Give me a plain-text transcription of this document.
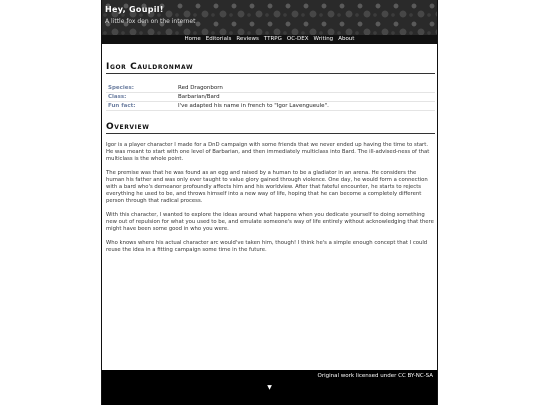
Hey, Goupil!
A little fox den on the internet
Home Editorials Reviews TTRPG OC-DEX Writing About
Igor Cauldronmaw
Species:	Red Dragonborn
Class:	Barbarian/Bard
Fun fact:	I've adapted his name in french to "Igor Lavengueule".
Overview

Igor is a player character I made for a DnD campaign with some friends that we never ended up having the time to start. He was meant to start with one level of Barbarian, and then immediately multiclass into Bard. The ill-advised-ness of that multiclass is the whole point.

The premise was that he was found as an egg and raised by a human to be a gladiator in an arena. He considers the human his father and was only ever taught to value glory gained through violence. One day, he would form a connection with a bard who's demeanor profoundly affects him and his worldview. After that fateful encounter, he starts to rejects everything he used to be, and throws himself into a new way of life, hoping that he can become a completely different person through that radical process.

With this character, I wanted to explore the ideas around what happens when you dedicate yourself to doing something new out of repulsion for what you used to be, and emulate someone's way of life entirely without acknowledging that there might have been some good in who you were.

Who knows where his actual character arc would've taken him, though! I think he's a simple enough concept that I could reuse the idea in a fitting campaign some time in the future.

Original work licensed under CC BY-NC-SA
▼
